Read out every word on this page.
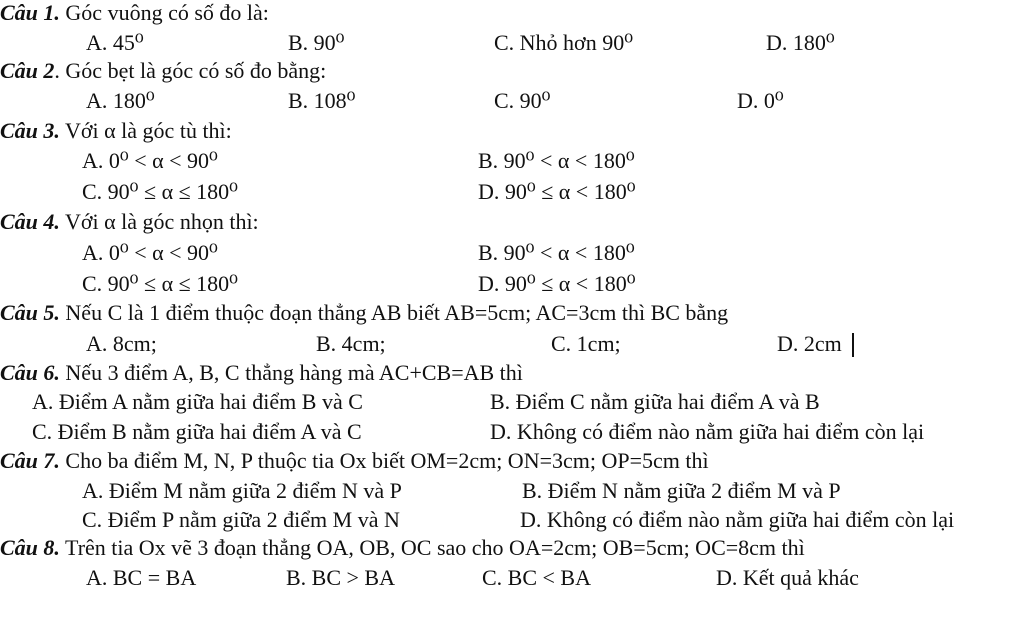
Câu 1. Góc vuông có số đo là:
A. 45⁰	B. 90⁰	C. Nhỏ hơn 90⁰	D. 180⁰
Câu 2. Góc bẹt là góc có số đo bằng:
A. 180⁰	B. 108⁰	C. 90⁰	D. 0⁰
Câu 3. Với α là góc tù thì:
A. 0⁰ < α < 90⁰	B. 90⁰ < α < 180⁰
C. 90⁰ ≤ α ≤ 180⁰	D. 90⁰ ≤ α < 180⁰
Câu 4. Với α là góc nhọn thì:
A. 0⁰ < α < 90⁰	B. 90⁰ < α < 180⁰
C. 90⁰ ≤ α ≤ 180⁰	D. 90⁰ ≤ α < 180⁰
Câu 5. Nếu C là 1 điểm thuộc đoạn thẳng AB biết AB=5cm; AC=3cm thì BC bằng
A. 8cm;	B. 4cm;	C. 1cm;	D. 2cm
Câu 6. Nếu 3 điểm A, B, C thẳng hàng mà AC+CB=AB thì
A. Điểm A nằm giữa hai điểm B và C	B. Điểm C nằm giữa hai điểm A và B
C. Điểm B nằm giữa hai điểm A và C	D. Không có điểm nào nằm giữa hai điểm còn lại
Câu 7. Cho ba điểm M, N, P thuộc tia Ox biết OM=2cm; ON=3cm; OP=5cm thì
A. Điểm M nằm giữa 2 điểm N và P	B. Điểm N nằm giữa 2 điểm M và P
C. Điểm P nằm giữa 2 điểm M và N	D. Không có điểm nào nằm giữa hai điểm còn lại
Câu 8. Trên tia Ox vẽ 3 đoạn thẳng OA, OB, OC sao cho OA=2cm; OB=5cm; OC=8cm thì
A. BC = BA	B. BC > BA	C. BC < BA	D. Kết quả khác
